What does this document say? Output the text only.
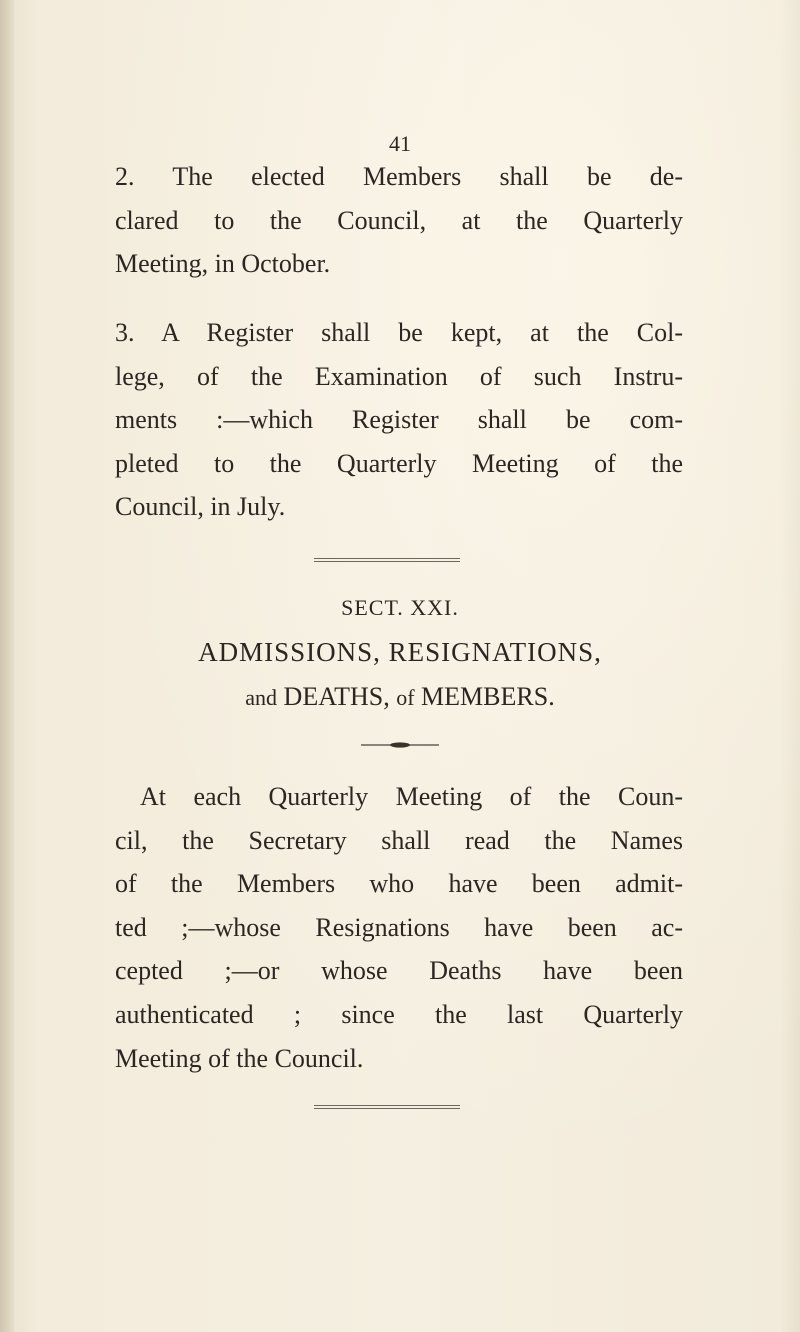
41
2. The elected Members shall be de-
clared to the Council, at the Quarterly
Meeting, in October.
3. A Register shall be kept, at the Col-
lege, of the Examination of such Instru-
ments :—which Register shall be com-
pleted to the Quarterly Meeting of the
Council, in July.
SECT. XXI.
ADMISSIONS, RESIGNATIONS,
and DEATHS, of MEMBERS.
At each Quarterly Meeting of the Coun-
cil, the Secretary shall read the Names
of the Members who have been admit-
ted ;—whose Resignations have been ac-
cepted ;—or whose Deaths have been
authenticated ; since the last Quarterly
Meeting of the Council.
